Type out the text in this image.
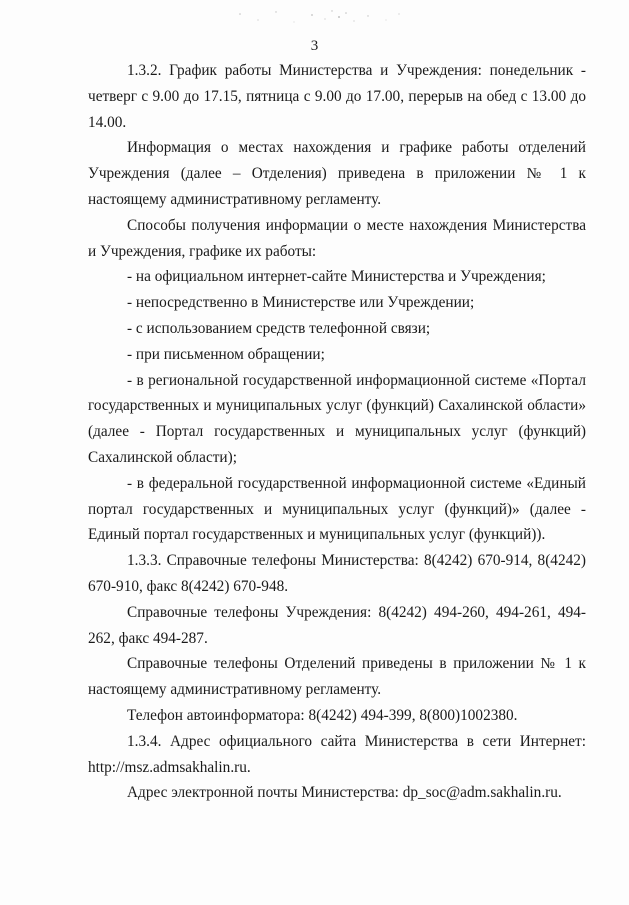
3

1.3.2. График работы Министерства и Учреждения: понедельник - четверг с 9.00 до 17.15, пятница с 9.00 до 17.00, перерыв на обед с 13.00 до 14.00.

Информация о местах нахождения и графике работы отделений Учреждения (далее – Отделения) приведена в приложении № 1 к настоящему административному регламенту.

Способы получения информации о месте нахождения Министерства и Учреждения, графике их работы:

- на официальном интернет-сайте Министерства и Учреждения;

- непосредственно в Министерстве или Учреждении;

- с использованием средств телефонной связи;

- при письменном обращении;

- в региональной государственной информационной системе «Портал государственных и муниципальных услуг (функций) Сахалинской области» (далее - Портал государственных и муниципальных услуг (функций) Сахалинской области);

- в федеральной государственной информационной системе «Единый портал государственных и муниципальных услуг (функций)» (далее - Единый портал государственных и муниципальных услуг (функций)).

1.3.3. Справочные телефоны Министерства: 8(4242) 670-914, 8(4242) 670-910, факс 8(4242) 670-948.

Справочные телефоны Учреждения: 8(4242) 494-260, 494-261, 494-262, факс 494-287.

Справочные телефоны Отделений приведены в приложении № 1 к настоящему административному регламенту.

Телефон автоинформатора: 8(4242) 494-399, 8(800)1002380.

1.3.4. Адрес официального сайта Министерства в сети Интернет: http://msz.admsakhalin.ru.

Адрес электронной почты Министерства: dp_soc@adm.sakhalin.ru.
